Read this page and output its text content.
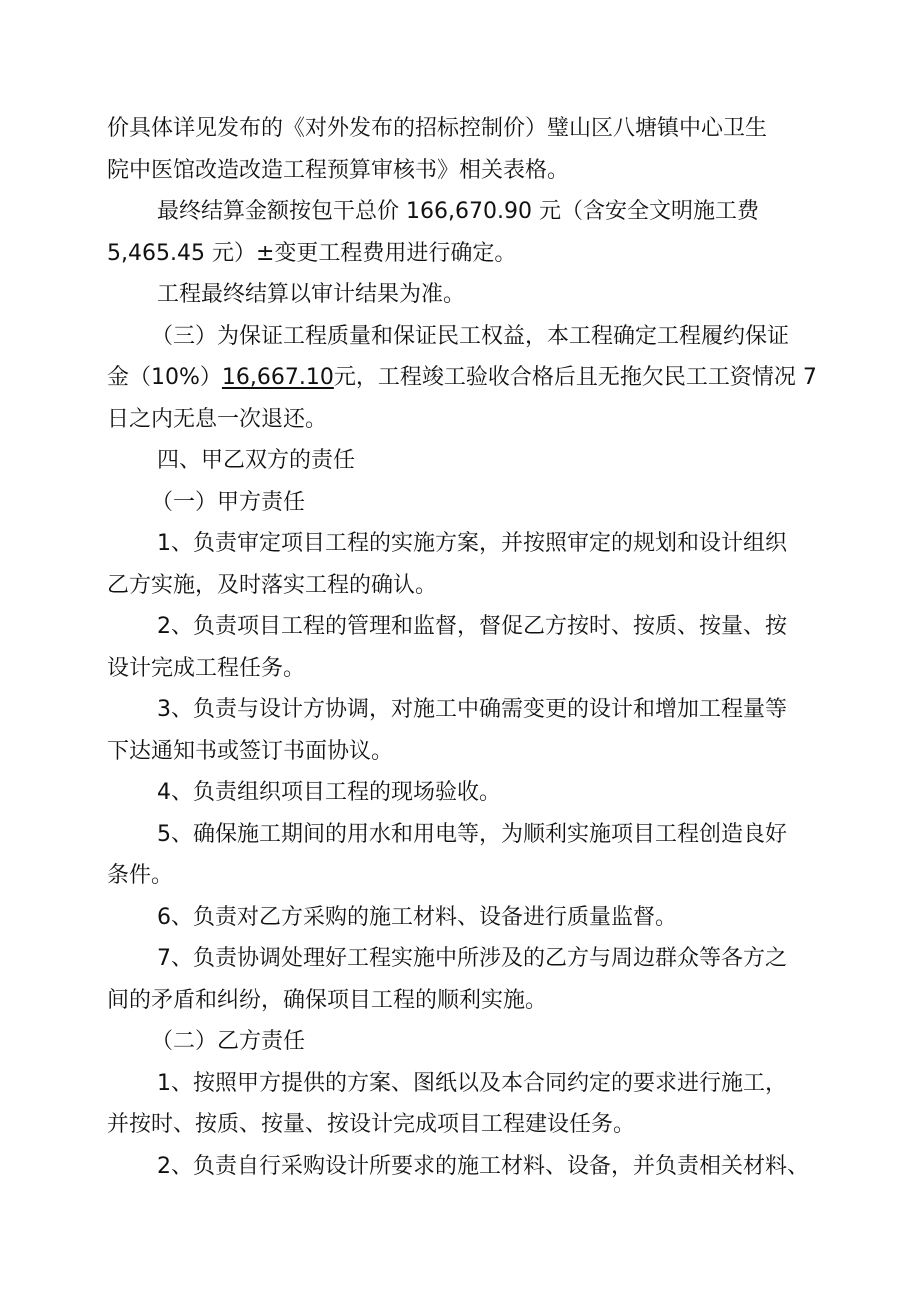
价具体详见发布的《对外发布的招标控制价）璧山区八塘镇中心卫生
院中医馆改造改造工程预算审核书》相关表格。

最终结算金额按包干总价 166,670.90 元（含安全文明施工费
5,465.45 元）±变更工程费用进行确定。

工程最终结算以审计结果为准。

（三）为保证工程质量和保证民工权益，本工程确定工程履约保证
金（10%）16,667.10元，工程竣工验收合格后且无拖欠民工工资情况 7
日之内无息一次退还。

四、甲乙双方的责任

（一）甲方责任

1、负责审定项目工程的实施方案，并按照审定的规划和设计组织
乙方实施，及时落实工程的确认。

2、负责项目工程的管理和监督，督促乙方按时、按质、按量、按
设计完成工程任务。

3、负责与设计方协调，对施工中确需变更的设计和增加工程量等
下达通知书或签订书面协议。

4、负责组织项目工程的现场验收。

5、确保施工期间的用水和用电等，为顺利实施项目工程创造良好
条件。

6、负责对乙方采购的施工材料、设备进行质量监督。

7、负责协调处理好工程实施中所涉及的乙方与周边群众等各方之
间的矛盾和纠纷，确保项目工程的顺利实施。

（二）乙方责任

1、按照甲方提供的方案、图纸以及本合同约定的要求进行施工，
并按时、按质、按量、按设计完成项目工程建设任务。

2、负责自行采购设计所要求的施工材料、设备，并负责相关材料、
